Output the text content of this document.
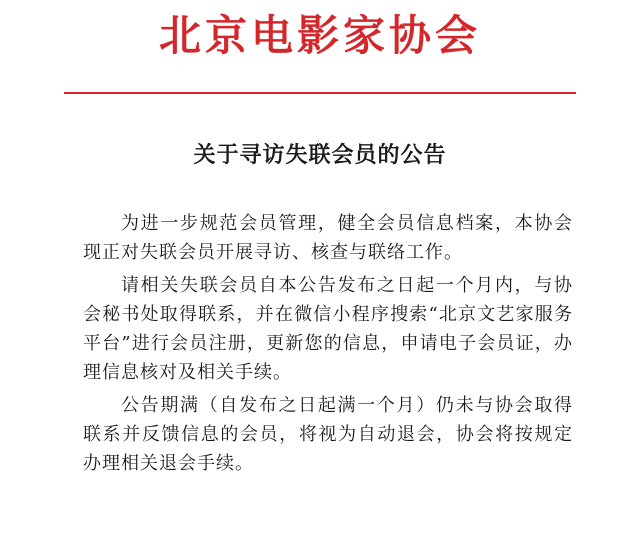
北京电影家协会
关于寻访失联会员的公告

为进一步规范会员管理，健全会员信息档案，本协会现正对失联会员开展寻访、核查与联络工作。

请相关失联会员自本公告发布之日起一个月内，与协会秘书处取得联系，并在微信小程序搜索“北京文艺家服务平台”进行会员注册，更新您的信息，申请电子会员证，办理信息核对及相关手续。

公告期满（自发布之日起满一个月）仍未与协会取得联系并反馈信息的会员，将视为自动退会，协会将按规定办理相关退会手续。
